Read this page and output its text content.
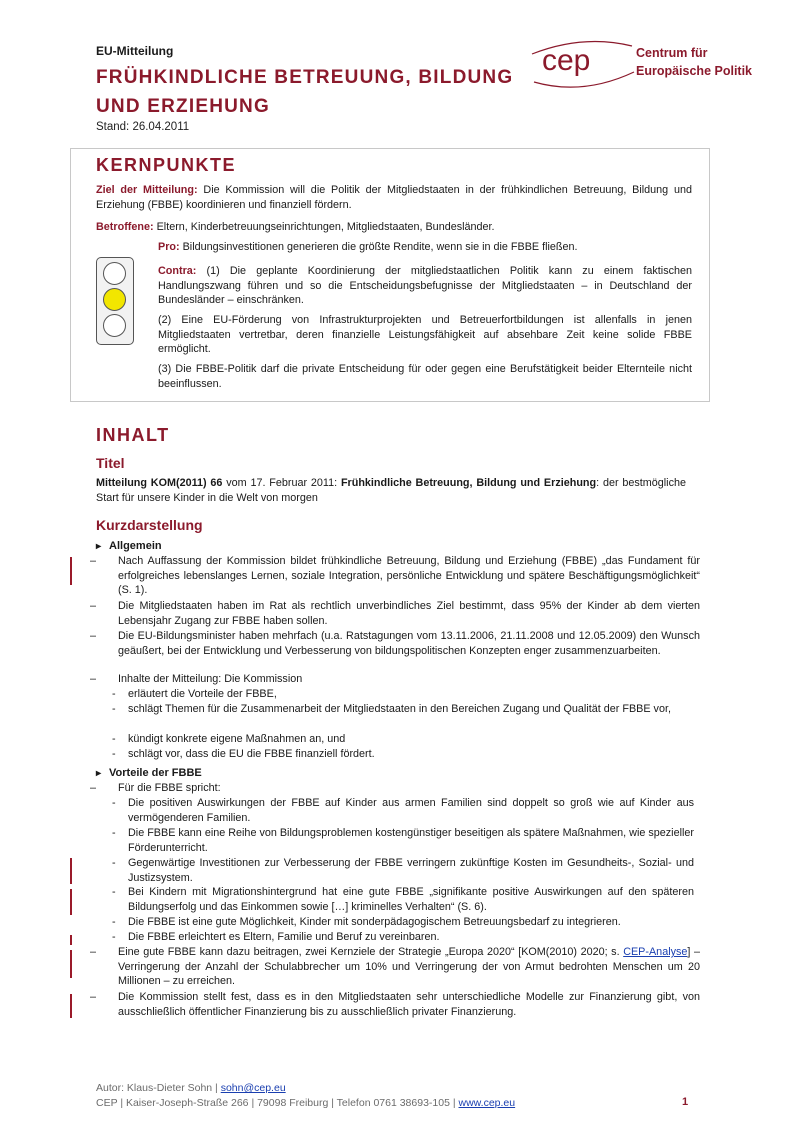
EU-Mitteilung
FRÜHKINDLICHE BETREUUNG, BILDUNG UND ERZIEHUNG
Stand: 26.04.2011
cep	Centrum für
Europäische Politik
KERNPUNKTE
Ziel der Mitteilung: Die Kommission will die Politik der Mitgliedstaaten in der frühkindlichen Betreuung, Bildung und Erziehung (FBBE) koordinieren und finanziell fördern.
Betroffene: Eltern, Kinderbetreuungseinrichtungen, Mitgliedstaaten, Bundesländer.
Pro: Bildungsinvestitionen generieren die größte Rendite, wenn sie in die FBBE fließen.
Contra: (1) Die geplante Koordinierung der mitgliedstaatlichen Politik kann zu einem faktischen Handlungszwang führen und so die Entscheidungsbefugnisse der Mitgliedstaaten – in Deutschland der Bundesländer – einschränken.
(2) Eine EU-Förderung von Infrastrukturprojekten und Betreuerfortbildungen ist allenfalls in jenen Mitgliedstaaten vertretbar, deren finanzielle Leistungsfähigkeit auf absehbare Zeit keine solide FBBE ermöglicht.
(3) Die FBBE-Politik darf die private Entscheidung für oder gegen eine Berufstätigkeit beider Elternteile nicht beeinflussen.
INHALT
Titel
Mitteilung KOM(2011) 66 vom 17. Februar 2011: Frühkindliche Betreuung, Bildung und Erziehung: der bestmögliche Start für unsere Kinder in die Welt von morgen
Kurzdarstellung
▸ Allgemein
– Nach Auffassung der Kommission bildet frühkindliche Betreuung, Bildung und Erziehung (FBBE) „das Fundament für erfolgreiches lebenslanges Lernen, soziale Integration, persönliche Entwicklung und spätere Beschäftigungsmöglichkeit“ (S. 1).
– Die Mitgliedstaaten haben im Rat als rechtlich unverbindliches Ziel bestimmt, dass 95% der Kinder ab dem vierten Lebensjahr Zugang zur FBBE haben sollen.
– Die EU-Bildungsminister haben mehrfach (u.a. Ratstagungen vom 13.11.2006, 21.11.2008 und 12.05.2009) den Wunsch geäußert, bei der Entwicklung und Verbesserung von bildungspolitischen Konzepten enger zusammenzuarbeiten.
– Inhalte der Mitteilung: Die Kommission
- erläutert die Vorteile der FBBE,
- schlägt Themen für die Zusammenarbeit der Mitgliedstaaten in den Bereichen Zugang und Qualität der FBBE vor,
- kündigt konkrete eigene Maßnahmen an, und
- schlägt vor, dass die EU die FBBE finanziell fördert.
▸ Vorteile der FBBE
– Für die FBBE spricht:
- Die positiven Auswirkungen der FBBE auf Kinder aus armen Familien sind doppelt so groß wie auf Kinder aus vermögenderen Familien.
- Die FBBE kann eine Reihe von Bildungsproblemen kostengünstiger beseitigen als spätere Maßnahmen, wie spezieller Förderunterricht.
- Gegenwärtige Investitionen zur Verbesserung der FBBE verringern zukünftige Kosten im Gesundheits-, Sozial- und Justizsystem.
- Bei Kindern mit Migrationshintergrund hat eine gute FBBE „signifikante positive Auswirkungen auf den späteren Bildungserfolg und das Einkommen sowie […] kriminelles Verhalten“ (S. 6).
- Die FBBE ist eine gute Möglichkeit, Kinder mit sonderpädagogischem Betreuungsbedarf zu integrieren.
- Die FBBE erleichtert es Eltern, Familie und Beruf zu vereinbaren.
– Eine gute FBBE kann dazu beitragen, zwei Kernziele der Strategie „Europa 2020“ [KOM(2010) 2020; s. CEP-Analyse] – Verringerung der Anzahl der Schulabbrecher um 10% und Verringerung der von Armut bedrohten Menschen um 20 Millionen – zu erreichen.
– Die Kommission stellt fest, dass es in den Mitgliedstaaten sehr unterschiedliche Modelle zur Finanzierung gibt, von ausschließlich öffentlicher Finanzierung bis zu ausschließlich privater Finanzierung.
Autor: Klaus-Dieter Sohn | sohn@cep.eu
CEP | Kaiser-Joseph-Straße 266 | 79098 Freiburg | Telefon 0761 38693-105 | www.cep.eu	1
